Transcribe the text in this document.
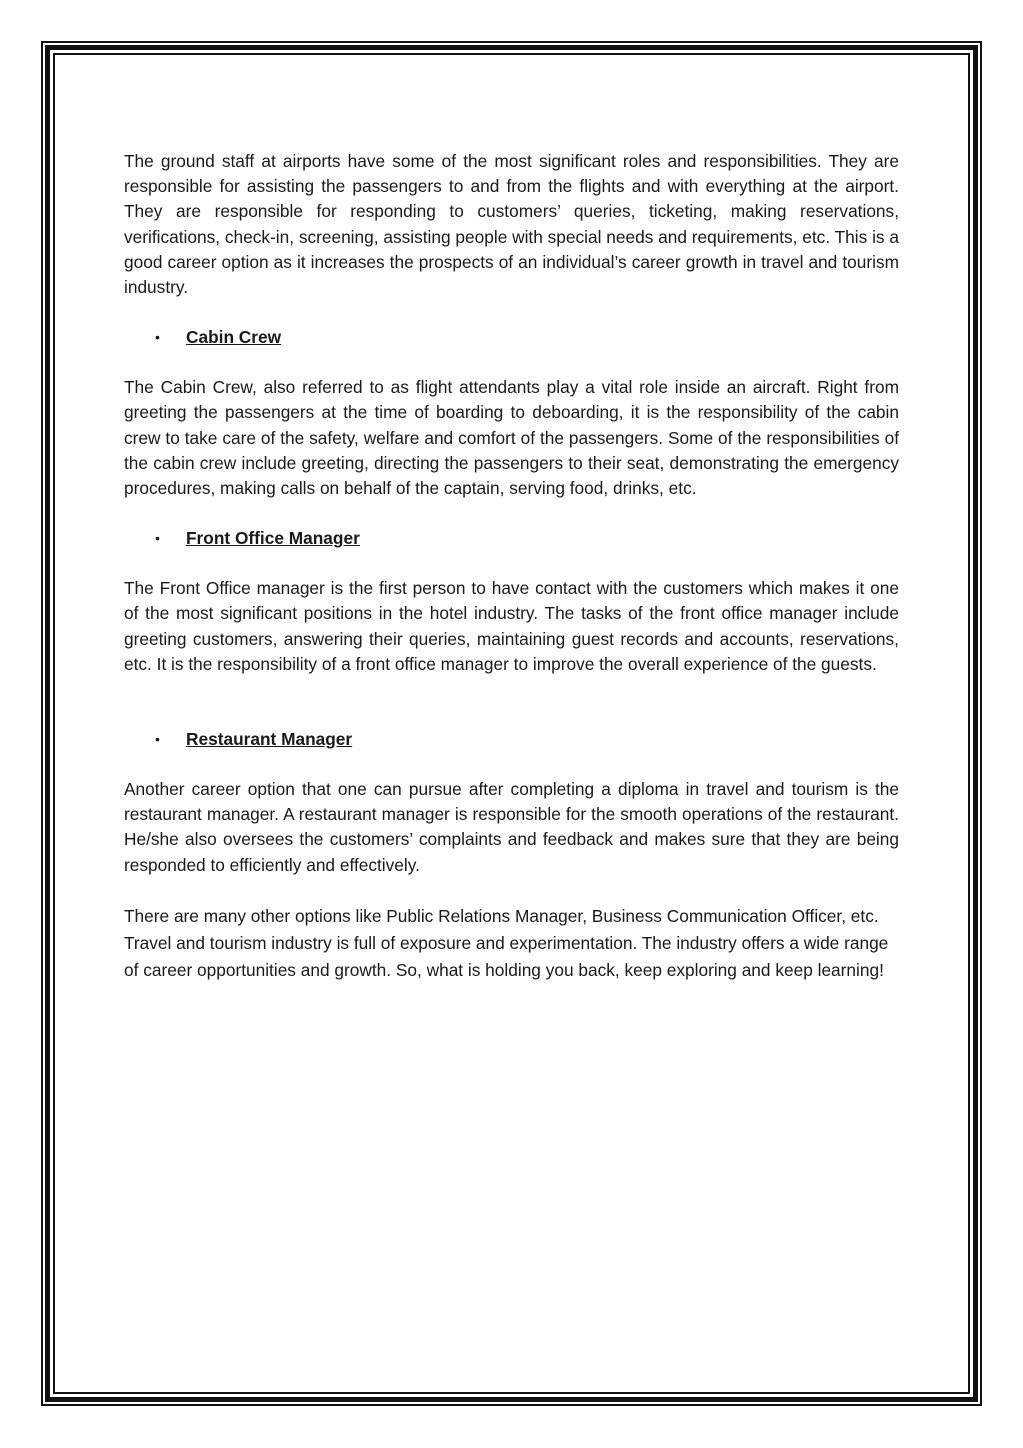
The ground staff at airports have some of the most significant roles and responsibilities. They are responsible for assisting the passengers to and from the flights and with everything at the airport. They are responsible for responding to customers’ queries, ticketing, making reservations, verifications, check-in, screening, assisting people with special needs and requirements, etc. This is a good career option as it increases the prospects of an individual’s career growth in travel and tourism industry.

• Cabin Crew

The Cabin Crew, also referred to as flight attendants play a vital role inside an aircraft. Right from greeting the passengers at the time of boarding to deboarding, it is the responsibility of the cabin crew to take care of the safety, welfare and comfort of the passengers. Some of the responsibilities of the cabin crew include greeting, directing the passengers to their seat, demonstrating the emergency procedures, making calls on behalf of the captain, serving food, drinks, etc.

• Front Office Manager

The Front Office manager is the first person to have contact with the customers which makes it one of the most significant positions in the hotel industry. The tasks of the front office manager include greeting customers, answering their queries, maintaining guest records and accounts, reservations, etc. It is the responsibility of a front office manager to improve the overall experience of the guests.

• Restaurant Manager

Another career option that one can pursue after completing a diploma in travel and tourism is the restaurant manager. A restaurant manager is responsible for the smooth operations of the restaurant. He/she also oversees the customers’ complaints and feedback and makes sure that they are being responded to efficiently and effectively.

There are many other options like Public Relations Manager, Business Communication Officer, etc. Travel and tourism industry is full of exposure and experimentation. The industry offers a wide range of career opportunities and growth. So, what is holding you back, keep exploring and keep learning!
